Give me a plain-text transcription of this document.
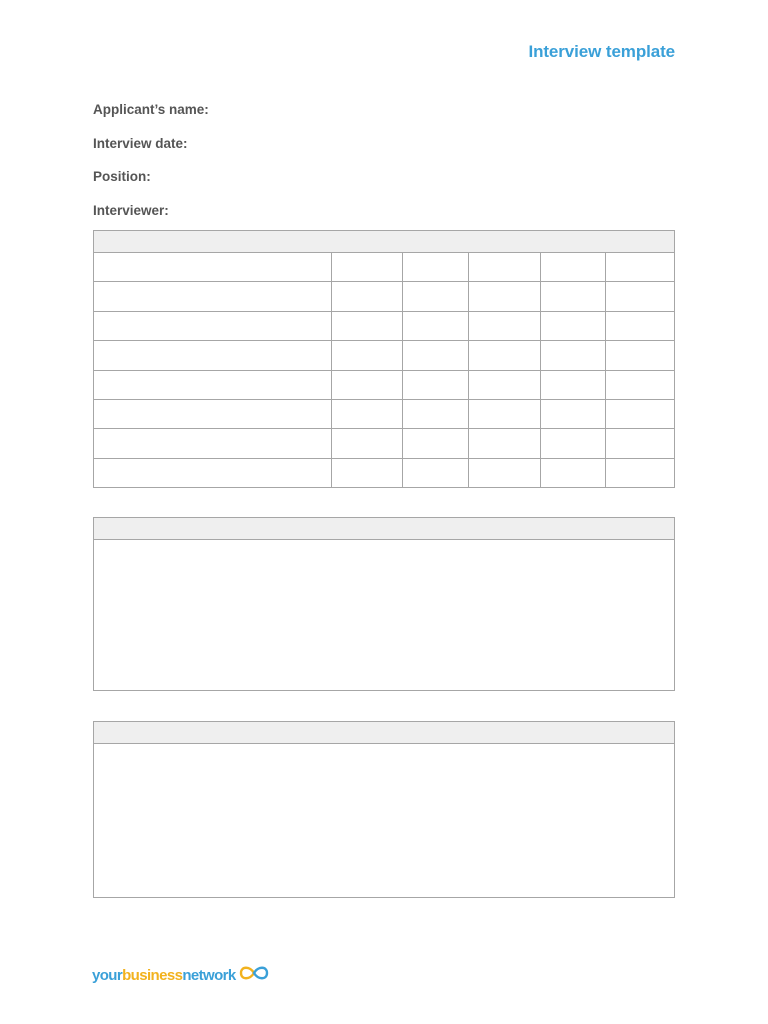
Interview template
Applicant’s name:
Interview date:
Position:
Interviewer:

yourbusinessnetwork
